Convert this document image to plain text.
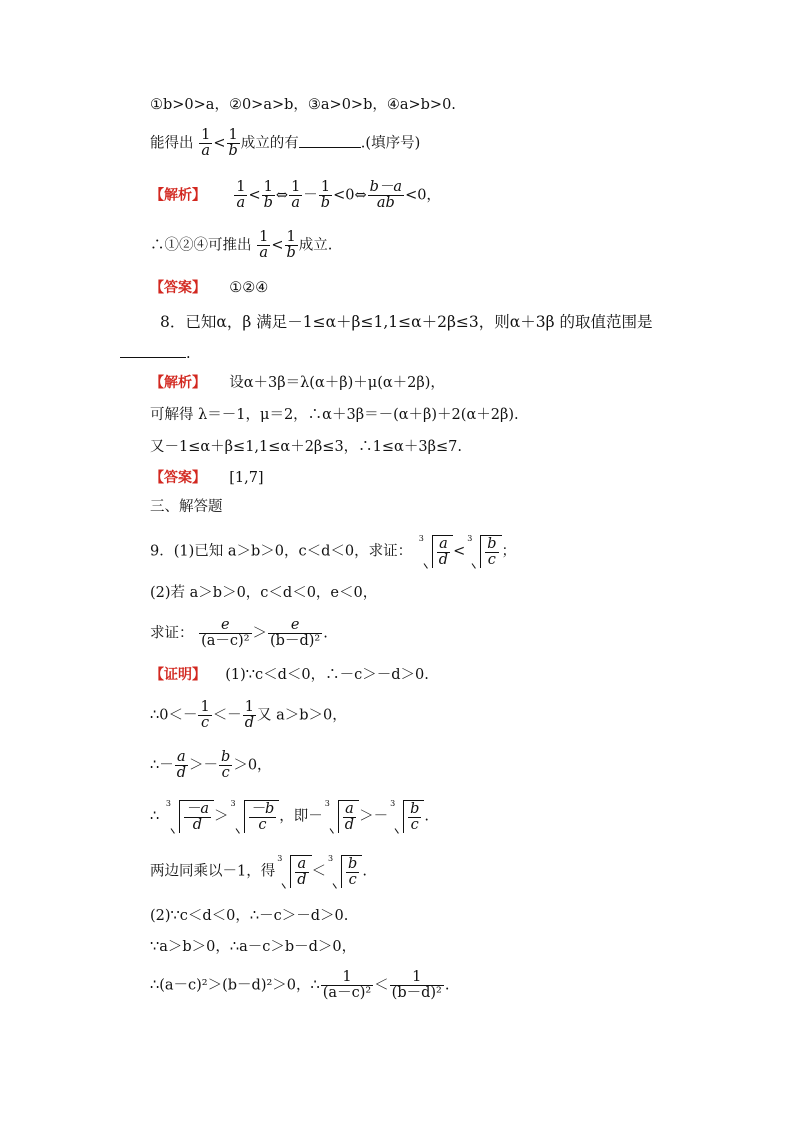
①b>0>a，②0>a>b，③a>0>b，④a>b>0.
能得出 $\frac{1}{a} < \frac{1}{b}$ 成立的有	.(填序号)
【解析】 $\frac{1}{a} < \frac{1}{b}$ ⇔ $\frac{1}{a} - \frac{1}{b}$ <0⇔ $\frac{b-a}{ab} <0$，
∴①②④可推出 $\frac{1}{a} < \frac{1}{b}$ 成立.
【答案】 ①②④
8．已知α，β 满足－1≤α＋β≤1,1≤α＋2β≤3，则α＋3β 的取值范围是
.
【解析】 设α＋3β＝λ(α＋β)＋μ(α＋2β)，
可解得 λ＝－1，μ＝2，∴α＋3β＝－(α＋β)＋2(α＋2β).
又－1≤α＋β≤1,1≤α＋2β≤3，∴1≤α＋3β≤7.
【答案】 [1,7]
三、解答题
9．(1)已知 a＞b＞0，c＜d＜0，求证：
$3 \frac{a}{d}$ <
$3 \frac{b}{c}$ ；
(2)若 a＞b＞0，c＜d＜0，e＜0，
求证： $\frac{e}{\text{(a－c)²}} > \frac{e}{\text{(b－d)²}}$ .
【证明】 (1)∵c＜d＜0，∴－c＞－d＞0.
∴0＜－ $\frac{1}{c} <- \frac{1}{d}$ 又 a＞b＞0，
∴－ $\frac{a}{d} >- \frac{b}{c} >0$，
∴
$3 \frac{-a}{d}$ ＞
$3 \frac{-b}{c}$ ，即－
$3 \frac{a}{d}$ ＞－
$3 \frac{b}{c}$ .
两边同乘以－1，得
$3 \frac{a}{d}$ ＜
$3 \frac{b}{c}$ .
(2)∵c＜d＜0，∴－c＞－d＞0.
∵a＞b＞0，∴a－c＞b－d＞0，
∴(a－c)²＞(b－d)²＞0，∴ $\frac{1}{\text{(a－c)²}} < \frac{1}{\text{(b－d)²}}$ .
